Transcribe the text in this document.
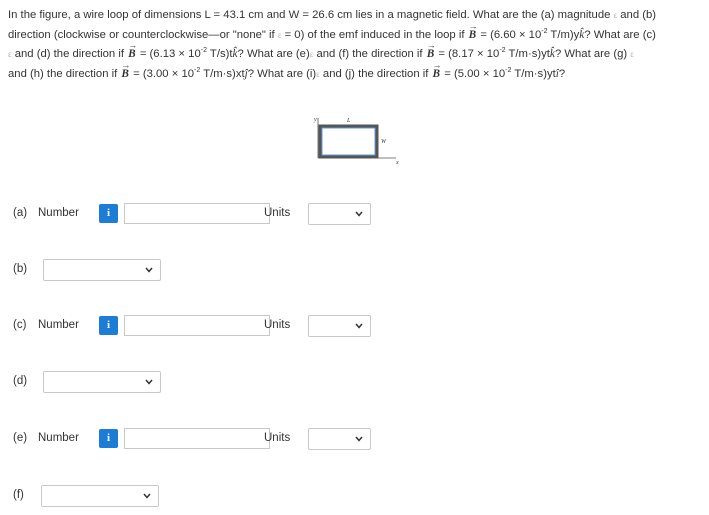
In the figure, a wire loop of dimensions L = 43.1 cm and W = 26.6 cm lies in a magnetic field. What are the (a) magnitude ε and (b)
direction (clockwise or counterclockwise—or "none" if ε = 0) of the emf induced in the loop if → $B = (6.60 \times 10^{-2}$ T/m)yk̂? What are (c)
ε and (d) the direction if → $B = (6.13 \times 10^{-2}$ T/s)tk̂? What are (e)ε and (f) the direction if → $B = (8.17 \times 10^{-2}$ T/m·s)ytk̂? What are (g) ε
and (h) the direction if → $B = (3.00 \times 10^{-2}$ T/m·s)xtĵ? What are (i)ε and (j) the direction if → $B = (5.00 \times 10^{-2}$ T/m·s)ytî?
y
x
L
W
(a) Number	i	Units
(b)
(c) Number	i	Units
(d)
(e) Number	i	Units
(f)
